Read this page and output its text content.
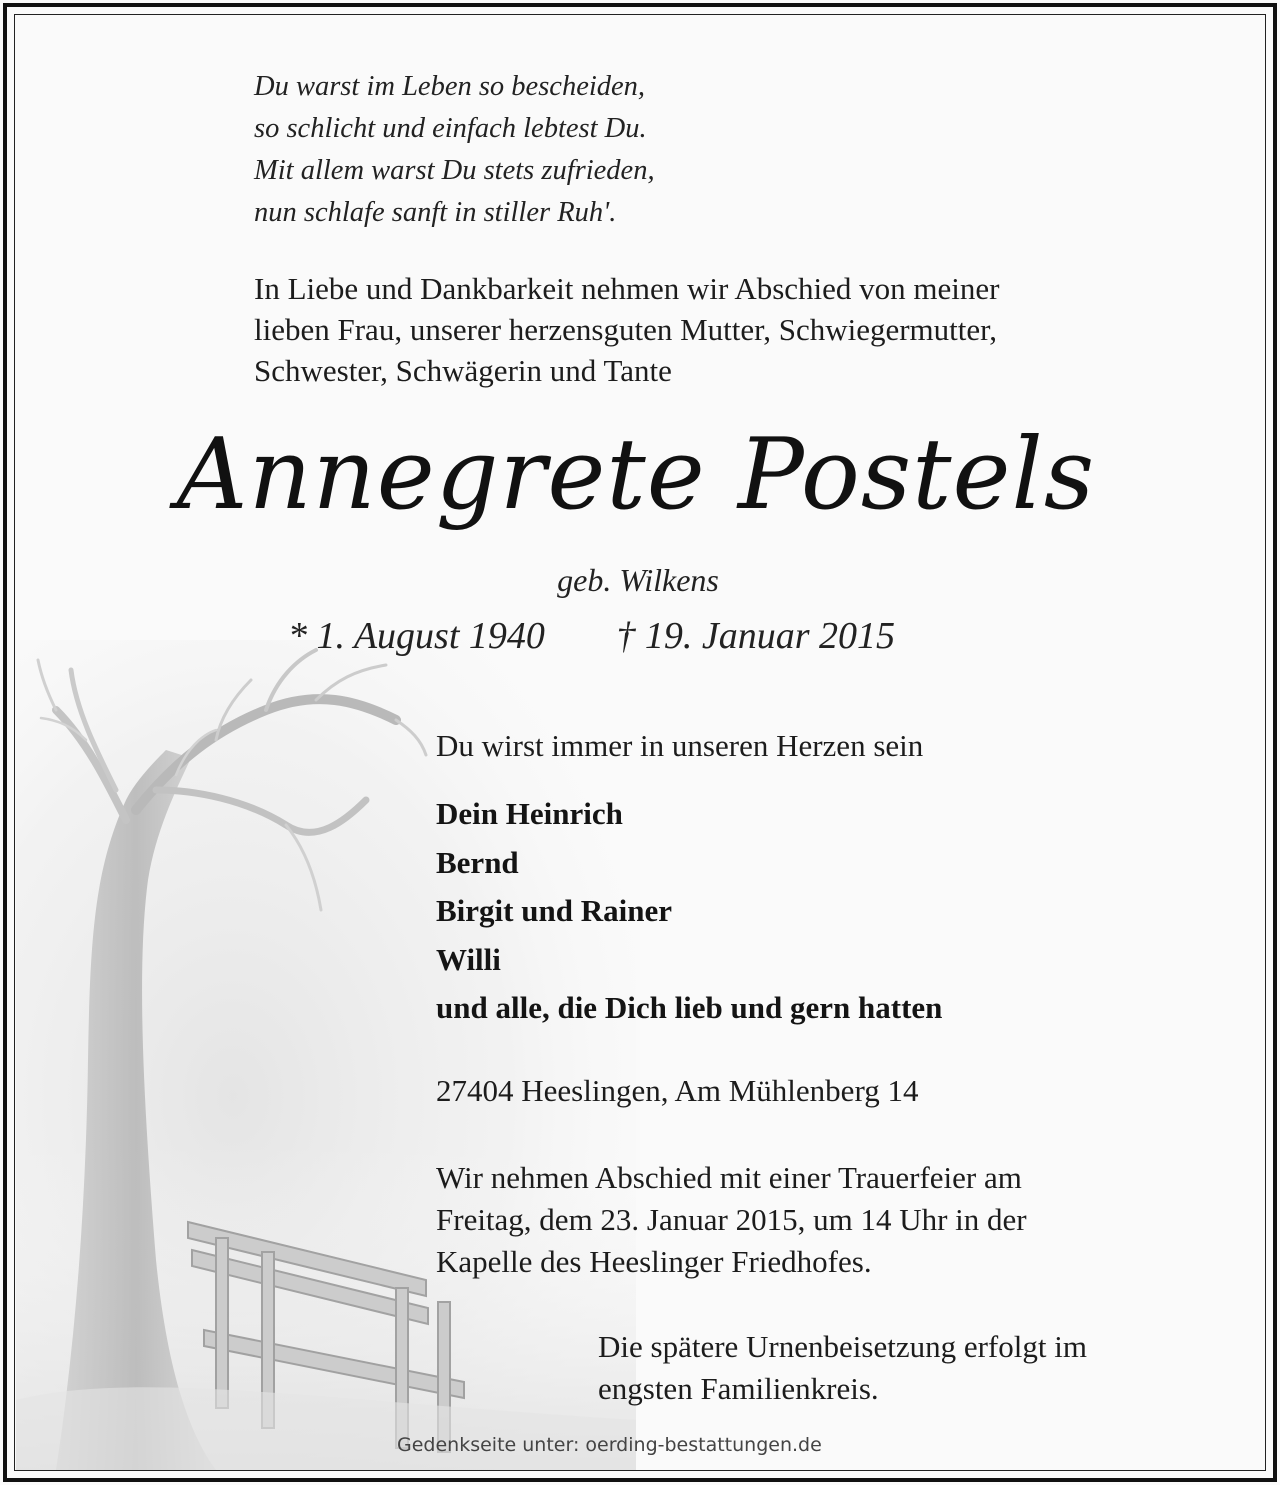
Du warst im Leben so bescheiden,
so schlicht und einfach lebtest Du.
Mit allem warst Du stets zufrieden,
nun schlafe sanft in stiller Ruh'.
In Liebe und Dankbarkeit nehmen wir Abschied von meiner
lieben Frau, unserer herzensguten Mutter, Schwiegermutter,
Schwester, Schwägerin und Tante
Annegrete Postels
geb. Wilkens
* 1. August 1940 † 19. Januar 2015
Du wirst immer in unseren Herzen sein
Dein Heinrich
Bernd
Birgit und Rainer
Willi
und alle, die Dich lieb und gern hatten
27404 Heeslingen, Am Mühlenberg 14
Wir nehmen Abschied mit einer Trauerfeier am
Freitag, dem 23. Januar 2015, um 14 Uhr in der
Kapelle des Heeslinger Friedhofes.
Die spätere Urnenbeisetzung erfolgt im
engsten Familienkreis.
Gedenkseite unter: oerding-bestattungen.de
